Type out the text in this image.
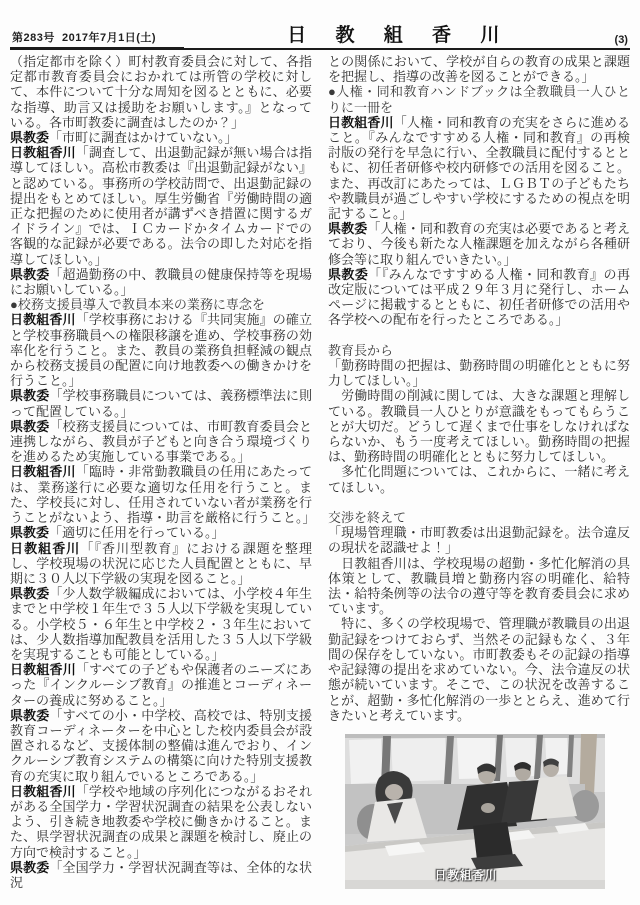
第283号 2017年7月1日(土)	日 教 組 香 川	(3)

（指定都市を除く）町村教育委員会に対して、各指定都市教育委員会におかれては所管の学校に対して、本件について十分な周知を図るとともに、必要な指導、助言又は援助をお願いします。』となっている。各市町教委に調査はしたのか？」

県教委「市町に調査はかけていない。」

日教組香川「調査して、出退勤記録が無い場合は指導してほしい。高松市教委は『出退勤記録がない』と認めている。事務所の学校訪問で、出退勤記録の提出をもとめてほしい。厚生労働省『労働時間の適正な把握のために使用者が講ずべき措置に関するガイドライン』では、ＩＣカードかタイムカードでの客観的な記録が必要である。法令の即した対応を指導してほしい。」

県教委「超過勤務の中、教職員の健康保持等を現場にお願いしている。」

●校務支援員導入で教員本来の業務に専念を

日教組香川「学校事務における『共同実施』の確立と学校事務職員への権限移譲を進め、学校事務の効率化を行うこと。また、教員の業務負担軽減の観点から校務支援員の配置に向け地教委への働きかけを行うこと。」

県教委「学校事務職員については、義務標準法に則って配置している。」

県教委「校務支援員については、市町教育委員会と連携しながら、教員が子どもと向き合う環境づくりを進めるため実施している事業である。」

日教組香川「臨時・非常勤教職員の任用にあたっては、業務遂行に必要な適切な任用を行うこと。また、学校長に対し、任用されていない者が業務を行うことがないよう、指導・助言を厳格に行うこと。」

県教委「適切に任用を行っている。」

日教組香川「『香川型教育』における課題を整理し、学校現場の状況に応じた人員配置とともに、早期に３０人以下学級の実現を図ること。」

県教委「少人数学級編成においては、小学校４年生までと中学校１年生で３５人以下学級を実現している。小学校５・６年生と中学校２・３年生においては、少人数指導加配教員を活用した３５人以下学級を実現することも可能としている。」

日教組香川「すべての子どもや保護者のニーズにあった『インクルーシブ教育』の推進とコーディネーターの養成に努めること。」

県教委「すべての小・中学校、高校では、特別支援教育コーディネーターを中心とした校内委員会が設置されるなど、支援体制の整備は進んでおり、インクルーシブ教育システムの構築に向けた特別支援教育の充実に取り組んでいるところである。」

日教組香川「学校や地域の序列化につながるおそれがある全国学力・学習状況調査の結果を公表しないよう、引き続き地教委や学校に働きかけること。また、県学習状況調査の成果と課題を検討し、廃止の方向で検討すること。」

県教委「全国学力・学習状況調査等は、全体的な状況

との関係において、学校が自らの教育の成果と課題を把握し、指導の改善を図ることができる。」

●人権・同和教育ハンドブックは全教職員一人ひとりに一冊を

日教組香川「人権・同和教育の充実をさらに進めること。『みんなですすめる人権・同和教育』の再検討版の発行を早急に行い、全教職員に配付するとともに、初任者研修や校内研修での活用を図ること。また、再改訂にあたっては、ＬＧＢＴの子どもたちや教職員が過ごしやすい学校にするための視点を明記すること。」

県教委「人権・同和教育の充実は必要であると考えており、今後も新たな人権課題を加えながら各種研修会等に取り組んでいきたい。」

県教委「『みんなですすめる人権・同和教育』の再改定版については平成２９年３月に発行し、ホームページに掲載するとともに、初任者研修での活用や各学校への配布を行ったところである。」

教育長から

「勤務時間の把握は、勤務時間の明確化とともに努力してほしい。」

　労働時間の削減に関しては、大きな課題と理解している。教職員一人ひとりが意識をもってもらうことが大切だ。どうして遅くまで仕事をしなければならないか、もう一度考えてほしい。勤務時間の把握は、勤務時間の明確化とともに努力してほしい。

　多忙化問題については、これからに、一緒に考えてほしい。

交渉を終えて

「現場管理職・市町教委は出退勤記録を。法令違反の現状を認識せよ！」

　日教組香川は、学校現場の超勤・多忙化解消の具体策として、教職員増と勤務内容の明確化、給特法・給特条例等の法令の遵守等を教育委員会に求めています。

　特に、多くの学校現場で、管理職が教職員の出退勤記録をつけておらず、当然その記録もなく、３年間の保存をしていない。市町教委もその記録の指導や記録簿の提出を求めていない。今、法令違反の状態が続いています。そこで、この状況を改善することが、超勤・多忙化解消の一歩ととらえ、進めて行きたいと考えています。

日教組香川
